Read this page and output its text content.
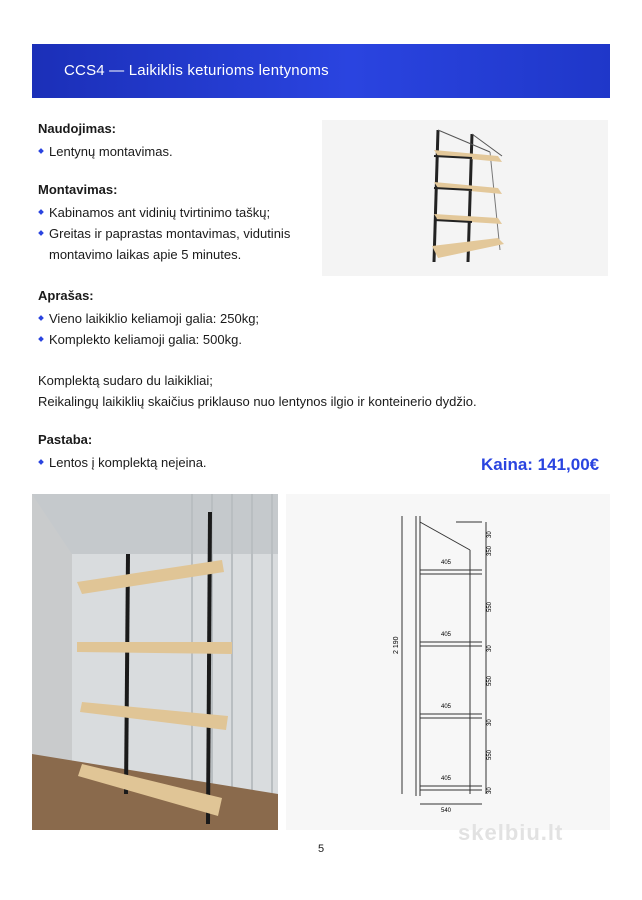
CCS4 — Laikiklis keturioms lentynoms
Naudojimas:
Lentynų montavimas.
Montavimas:
Kabinamos ant vidinių tvirtinimo taškų;
Greitas ir paprastas montavimas, vidutinis
montavimo laikas apie 5 minutes.
Aprašas:
Vieno laikiklio keliamoji galia: 250kg;
Komplekto keliamoji galia: 500kg.
Komplektą sudaro du laikikliai;
Reikalingų laikiklių skaičius priklauso nuo lentynos ilgio ir konteinerio dydžio.
Pastaba:
Lentos į komplektą neįeina.	Kaina: 141,00€
2 190
405
405
405
405
540
30
350
550
30
550
30
550
30
skelbiu.lt
5
